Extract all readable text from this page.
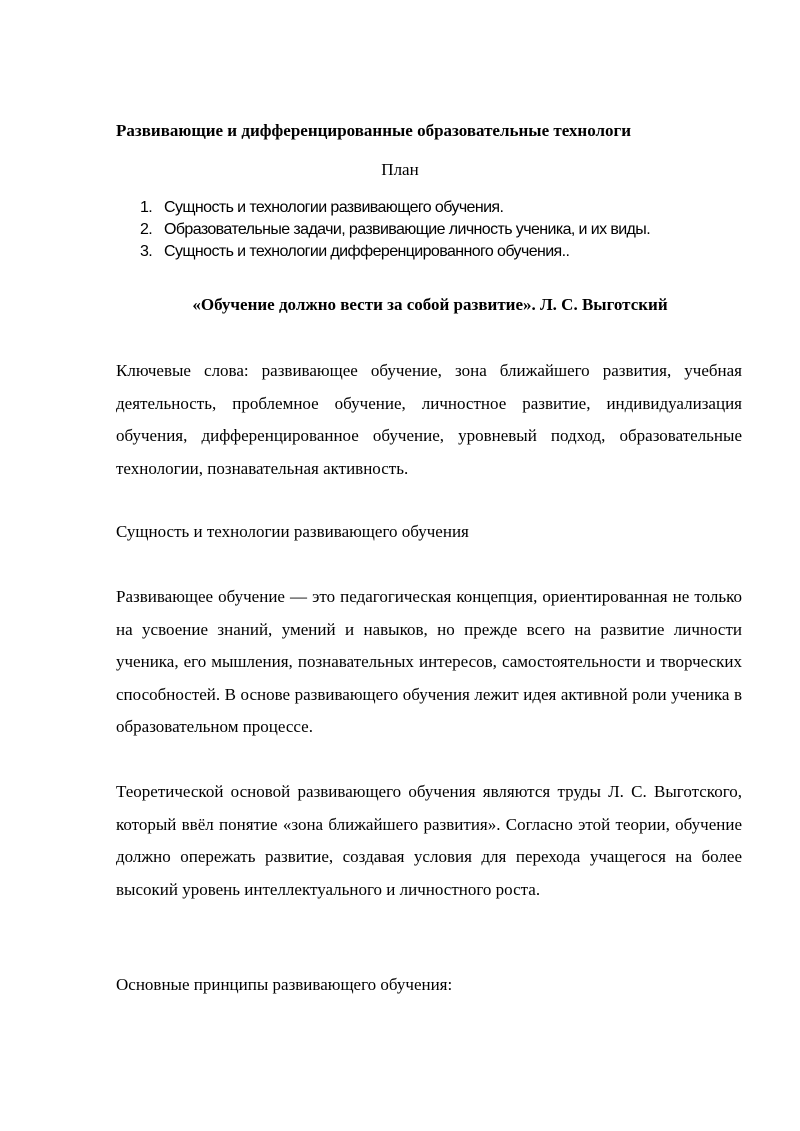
Развивающие и дифференцированные образовательные технологи
План
1. Сущность и технологии развивающего обучения.
2. Образовательные задачи, развивающие личность ученика, и их виды.
3. Сущность и технологии дифференцированного обучения..
«Обучение должно вести за собой развитие». Л. С. Выготский

Ключевые слова: развивающее обучение, зона ближайшего развития, учебная деятельность, проблемное обучение, личностное развитие, индивидуализация обучения, дифференцированное обучение, уровневый подход, образовательные технологии, познавательная активность.

Сущность и технологии развивающего обучения

Развивающее обучение — это педагогическая концепция, ориентированная не только на усвоение знаний, умений и навыков, но прежде всего на развитие личности ученика, его мышления, познавательных интересов, самостоятельности и творческих способностей. В основе развивающего обучения лежит идея активной роли ученика в образовательном процессе.

Теоретической основой развивающего обучения являются труды Л. С. Выготского, который ввёл понятие «зона ближайшего развития». Согласно этой теории, обучение должно опережать развитие, создавая условия для перехода учащегося на более высокий уровень интеллектуального и личностного роста.

Основные принципы развивающего обучения:
